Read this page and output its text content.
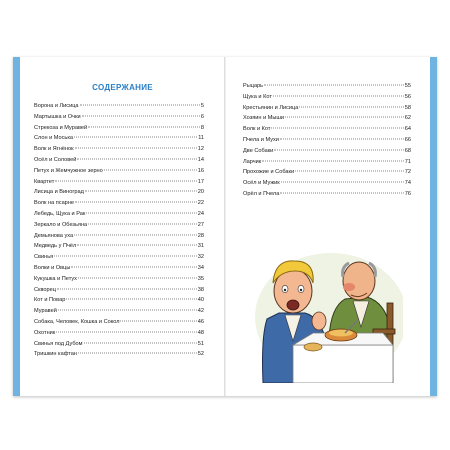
СОДЕРЖАНИЕ
Ворона и Лисица	5
Мартышка и Очки	6
Стрекоза и Муравей	8
Слон и Моська	11
Волк и Ягнёнок	12
Осёл и Соловей	14
Петух и Жемчужное зерно	16
Квартет	17
Лисица и Виноград	20
Волк на псарне	22
Лебедь, Щука и Рак	24
Зеркало и Обезьяна	27
Демьянова уха	28
Медведь у Пчёл	31
Свинья	32
Волки и Овцы	34
Кукушка и Петух	35
Скворец	38
Кот и Повар	40
Муравей	42
Собака, Человек, Кошка и Сокол	46
Охотник	48
Свинья под Дубом	51
Тришкин кафтан	52
Рыцарь	55
Щука и Кот	56
Крестьянин и Лисица	58
Хозяин и Мыши	62
Волк и Кот	64
Пчела и Мухи	66
Две Собаки	68
Ларчик	71
Прохожие и Собаки	72
Осёл и Мужик	74
Орёл и Пчела	76
